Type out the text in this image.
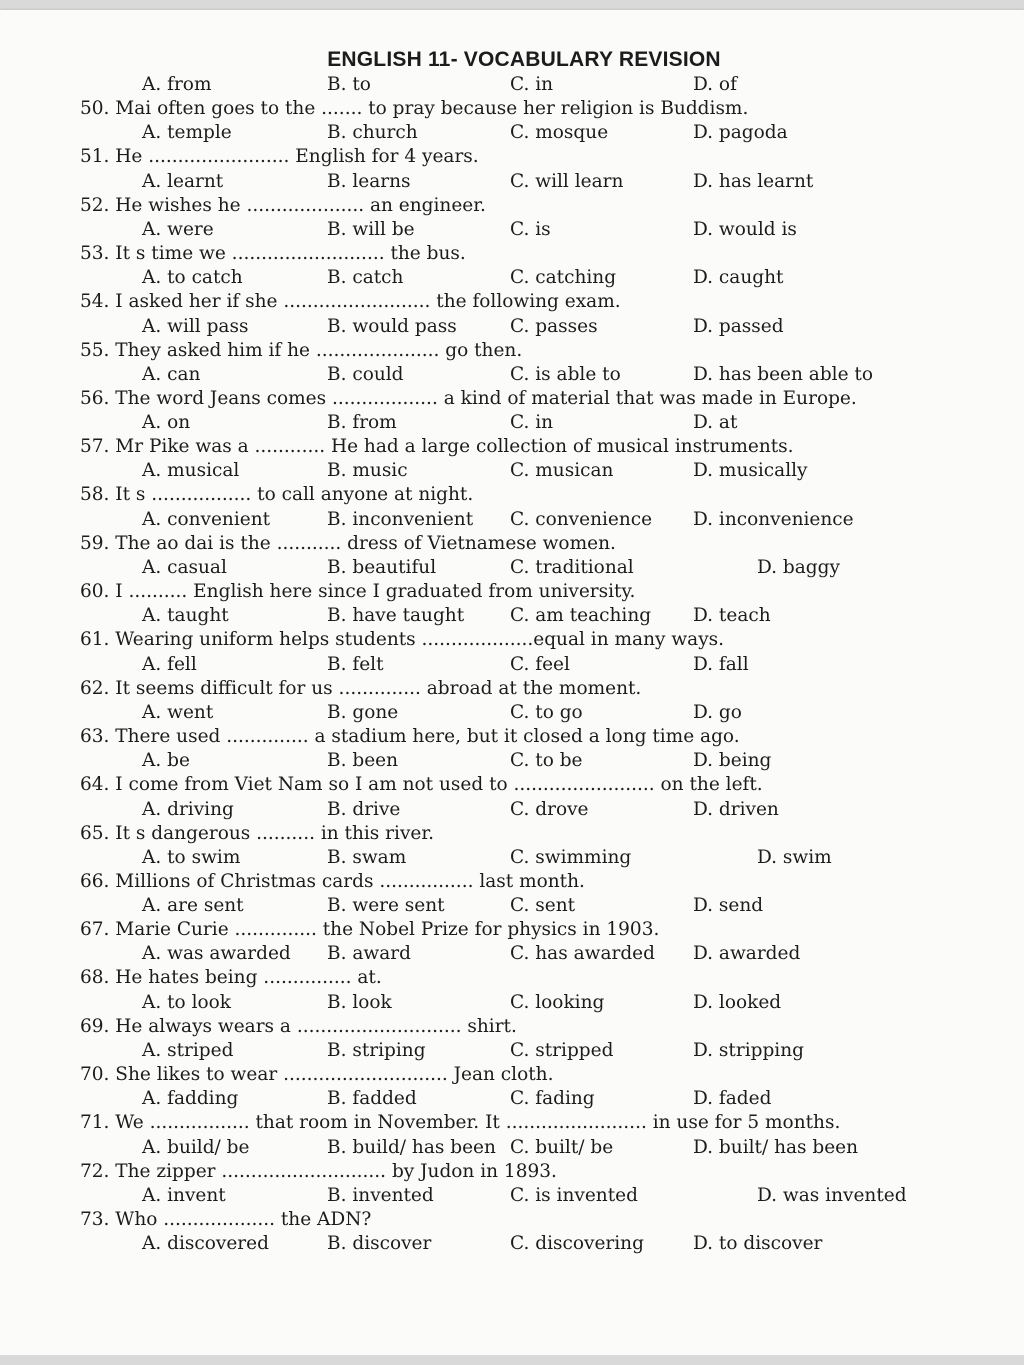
ENGLISH 11- VOCABULARY REVISION
A. from	B. to	C. in	D. of
50. Mai often goes to the ....... to pray because her religion is Buddism.
A. temple	B. church	C. mosque	D. pagoda
51. He ........................ English for 4 years.
A. learnt	B. learns	C. will learn	D. has learnt
52. He wishes he .................... an engineer.
A. were	B. will be	C. is	D. would is
53. It s time we .......................... the bus.
A. to catch	B. catch	C. catching	D. caught
54. I asked her if she ......................... the following exam.
A. will pass	B. would pass	C. passes	D. passed
55. They asked him if he ..................... go then.
A. can	B. could	C. is able to	D. has been able to
56. The word Jeans comes .................. a kind of material that was made in Europe.
A. on	B. from	C. in	D. at
57. Mr Pike was a ............ He had a large collection of musical instruments.
A. musical	B. music	C. musican	D. musically
58. It s ................. to call anyone at night.
A. convenient	B. inconvenient C. convenience D. inconvenience
59. The ao dai is the ........... dress of Vietnamese women.
A. casual	B. beautiful	C. traditional	D. baggy
60. I .......... English here since I graduated from university.
A. taught	B. have taught C. am teaching D. teach
61. Wearing uniform helps students ...................equal in many ways.
A. fell	B. felt	C. feel	D. fall
62. It seems difficult for us .............. abroad at the moment.
A. went	B. gone	C. to go	D. go
63. There used .............. a stadium here, but it closed a long time ago.
A. be	B. been	C. to be	D. being
64. I come from Viet Nam so I am not used to ........................ on the left.
A. driving	B. drive	C. drove	D. driven
65. It s dangerous .......... in this river.
A. to swim	B. swam	C. swimming	D. swim
66. Millions of Christmas cards ................ last month.
A. are sent	B. were sent	C. sent	D. send
67. Marie Curie .............. the Nobel Prize for physics in 1903.
A. was awarded B. award	C. has awarded D. awarded
68. He hates being ............... at.
A. to look	B. look	C. looking	D. looked
69. He always wears a ............................ shirt.
A. striped	B. striping	C. stripped	D. stripping
70. She likes to wear ............................ Jean cloth.
A. fadding	B. fadded	C. fading	D. faded
71. We ................. that room in November. It ........................ in use for 5 months.
A. build/ be	B. build/ has been C. built/ be	D. built/ has been
72. The zipper ............................ by Judon in 1893.
A. invent	B. invented	C. is invented	D. was invented
73. Who ................... the ADN?
A. discovered	B. discover	C. discovering	D. to discover
